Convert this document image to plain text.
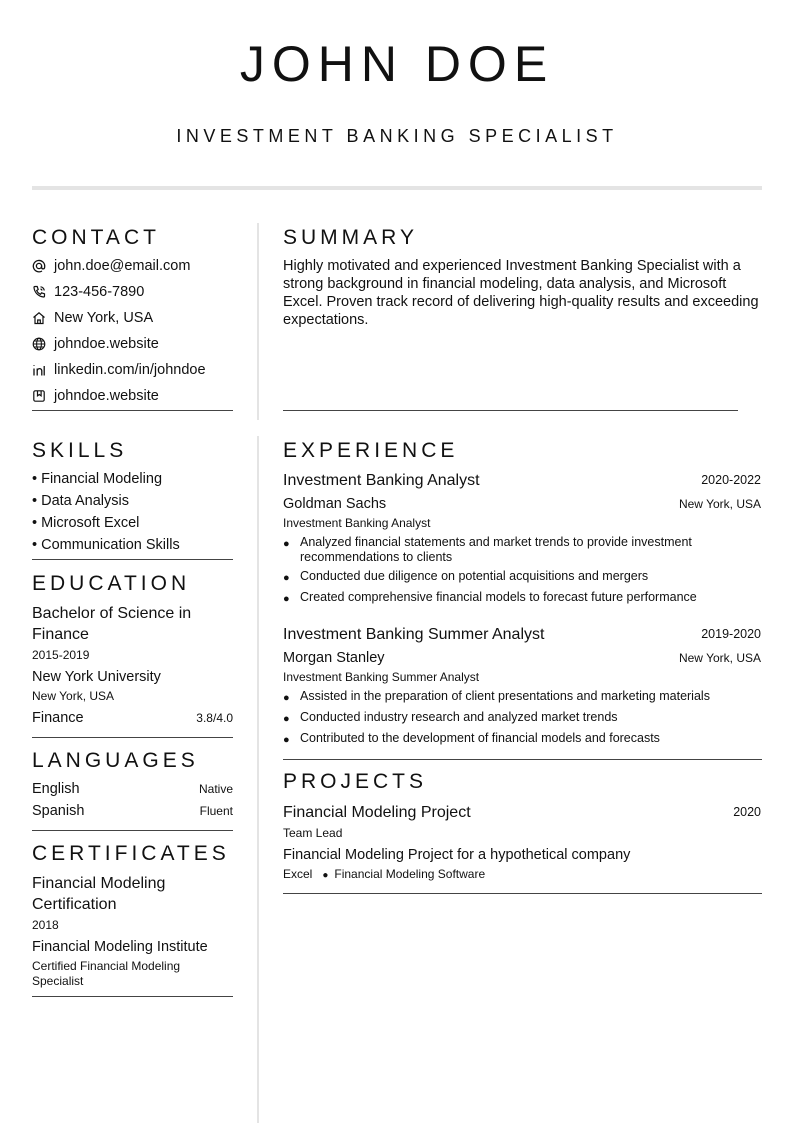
JOHN DOE
INVESTMENT BANKING SPECIALIST
CONTACT
john.doe@email.com
123-456-7890
New York, USA
johndoe.website
linkedin.com/in/johndoe
johndoe.website
SUMMARY
Highly motivated and experienced Investment Banking Specialist with a strong background in financial modeling, data analysis, and Microsoft Excel. Proven track record of delivering high-quality results and exceeding expectations.
SKILLS
• Financial Modeling
• Data Analysis
• Microsoft Excel
• Communication Skills
EDUCATION
Bachelor of Science in Finance
2015-2019
New York University
New York, USA
Finance	3.8/4.0
LANGUAGES
English	Native
Spanish	Fluent
CERTIFICATES
Financial Modeling Certification
2018
Financial Modeling Institute
Certified Financial Modeling Specialist
EXPERIENCE
Investment Banking Analyst	2020-2022
Goldman Sachs	New York, USA
Investment Banking Analyst
● Analyzed financial statements and market trends to provide investment recommendations to clients
● Conducted due diligence on potential acquisitions and mergers
● Created comprehensive financial models to forecast future performance
Investment Banking Summer Analyst	2019-2020
Morgan Stanley	New York, USA
Investment Banking Summer Analyst
● Assisted in the preparation of client presentations and marketing materials
● Conducted industry research and analyzed market trends
● Contributed to the development of financial models and forecasts
PROJECTS
Financial Modeling Project	2020
Team Lead
Financial Modeling Project for a hypothetical company
Excel ● Financial Modeling Software
